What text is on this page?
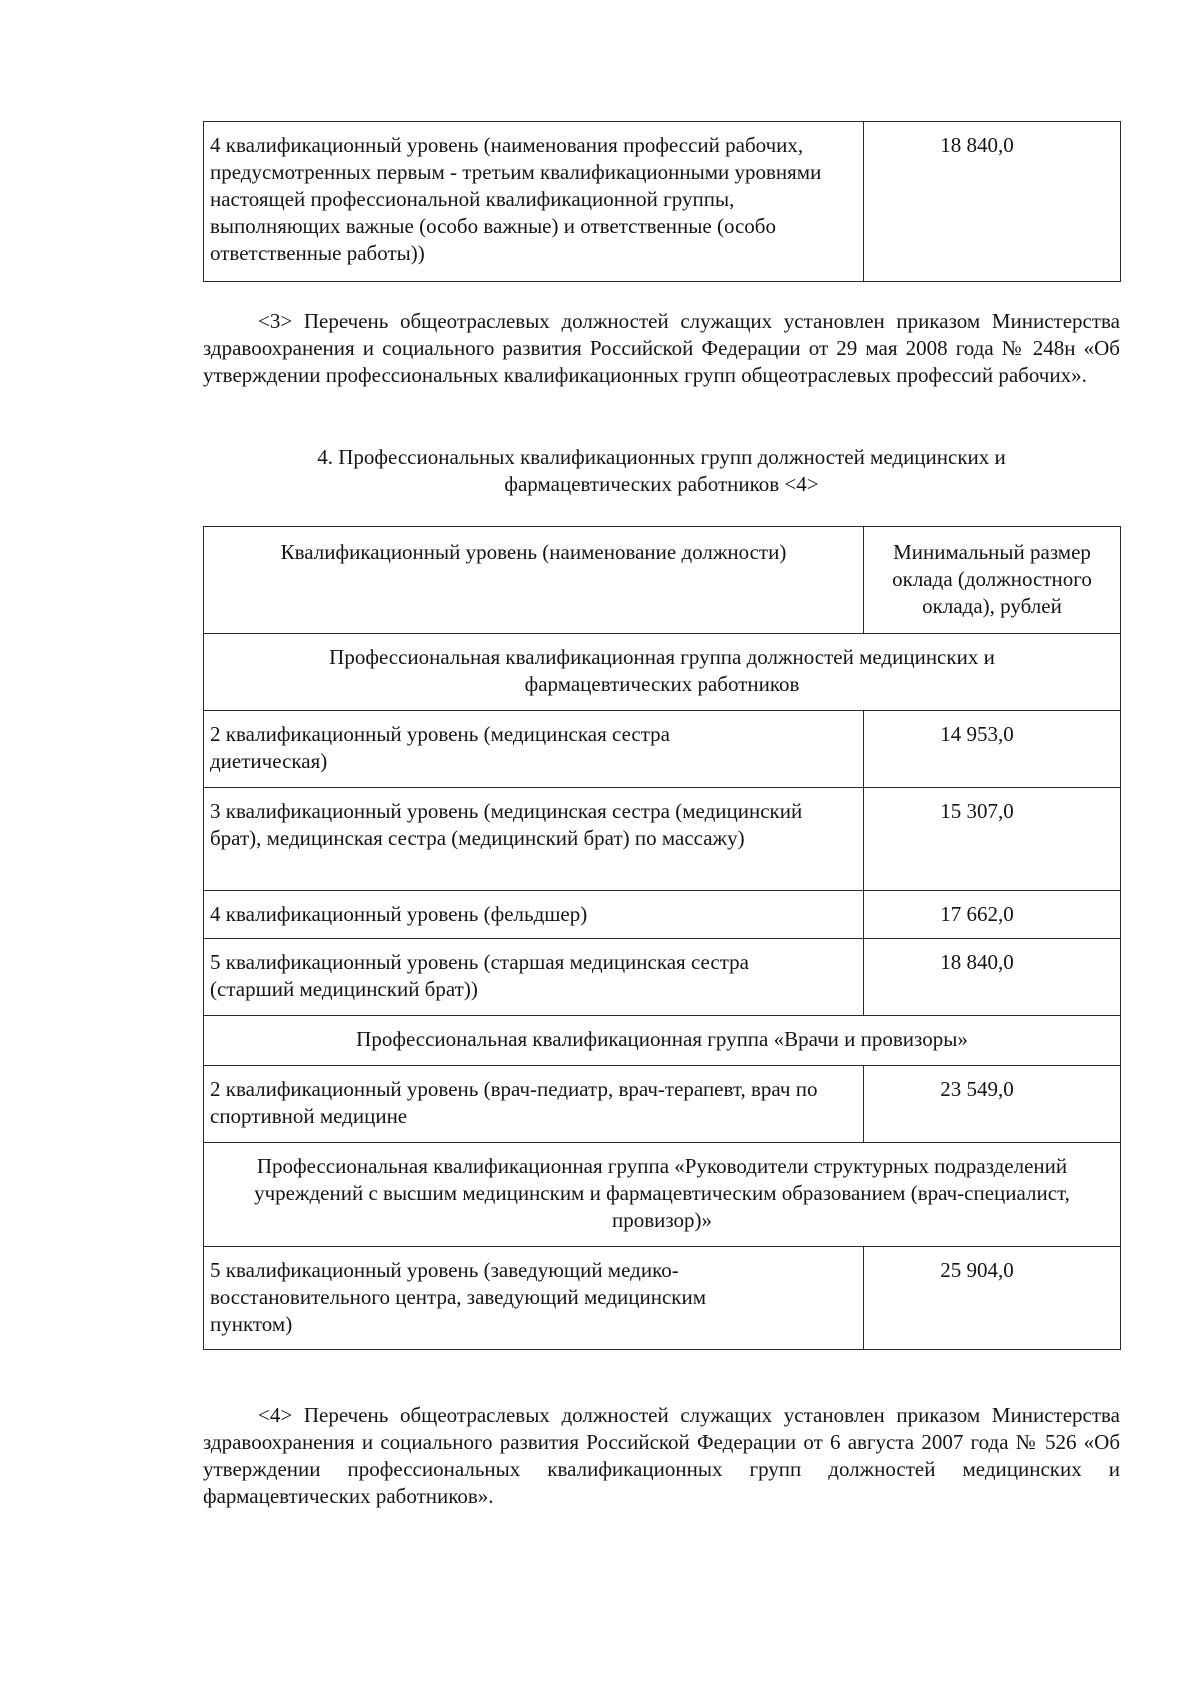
4 квалификационный уровень (наименования профессий рабочих, предусмотренных первым - третьим квалификационными уровнями настоящей профессиональной квалификационной группы, выполняющих важные (особо важные) и ответственные (особо ответственные работы))	18 840,0

<3> Перечень общеотраслевых должностей служащих установлен приказом Министерства здравоохранения и социального развития Российской Федерации от 29 мая 2008 года № 248н «Об утверждении профессиональных квалификационных групп общеотраслевых профессий рабочих».

4. Профессиональных квалификационных групп должностей медицинских и

фармацевтических работников <4>

Квалификационный уровень (наименование должности)	Минимальный размер оклада (должностного оклада), рублей
Профессиональная квалификационная группа должностей медицинских и фармацевтических работников	
2 квалификационный уровень (медицинская сестра диетическая)	14 953,0
3 квалификационный уровень (медицинская сестра (медицинский брат), медицинская сестра (медицинский брат) по массажу)	15 307,0
4 квалификационный уровень (фельдшер)	17 662,0
5 квалификационный уровень (старшая медицинская сестра (старший медицинский брат))	18 840,0
Профессиональная квалификационная группа «Врачи и провизоры»	
2 квалификационный уровень (врач-педиатр, врач-терапевт, врач по спортивной медицине	23 549,0
Профессиональная квалификационная группа «Руководители структурных подразделений учреждений с высшим медицинским и фармацевтическим образованием (врач-специалист, провизор)»	
5 квалификационный уровень (заведующий медико-восстановительного центра, заведующий медицинским пунктом)	25 904,0

<4> Перечень общеотраслевых должностей служащих установлен приказом Министерства здравоохранения и социального развития Российской Федерации от 6 августа 2007 года № 526 «Об утверждении профессиональных квалификационных групп должностей медицинских и фармацевтических работников».
